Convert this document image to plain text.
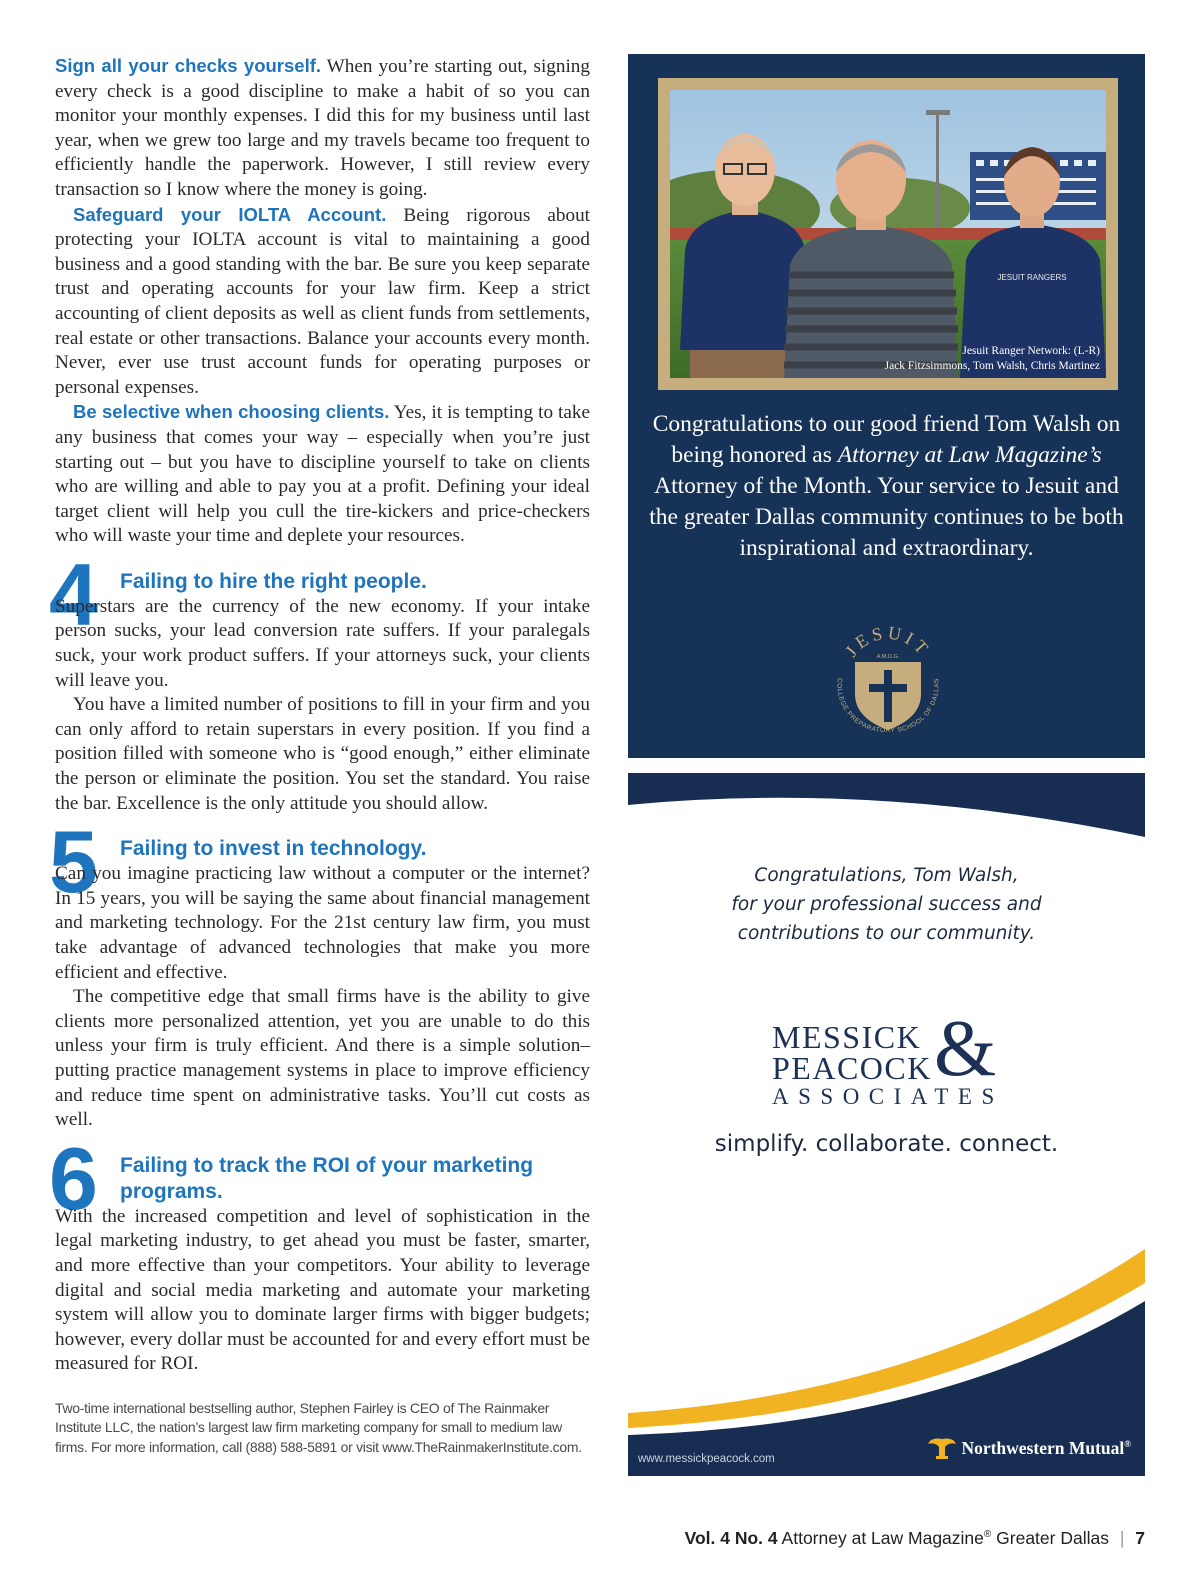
Sign all your checks yourself. When you’re starting out, signing every check is a good discipline to make a habit of so you can monitor your monthly expenses. I did this for my business until last year, when we grew too large and my travels became too frequent to efficiently handle the paperwork. However, I still review every transaction so I know where the money is going.

Safeguard your IOLTA Account. Being rigorous about protecting your IOLTA account is vital to maintaining a good business and a good standing with the bar. Be sure you keep separate trust and operating accounts for your law firm. Keep a strict accounting of client deposits as well as client funds from settlements, real estate or other transactions. Balance your accounts every month. Never, ever use trust account funds for operating purposes or personal expenses.

Be selective when choosing clients. Yes, it is tempting to take any business that comes your way – especially when you’re just starting out – but you have to discipline yourself to take on clients who are willing and able to pay you at a profit. Defining your ideal target client will help you cull the tire-kickers and price-checkers who will waste your time and deplete your resources.

4 Failing to hire the right people.

Superstars are the currency of the new economy. If your intake person sucks, your lead conversion rate suffers. If your paralegals suck, your work product suffers. If your attorneys suck, your clients will leave you.

You have a limited number of positions to fill in your firm and you can only afford to retain superstars in every position. If you find a position filled with someone who is “good enough,” either eliminate the person or eliminate the position. You set the standard. You raise the bar. Excellence is the only attitude you should allow.

5 Failing to invest in technology.

Can you imagine practicing law without a computer or the internet? In 15 years, you will be saying the same about financial management and marketing technology. For the 21st century law firm, you must take advantage of advanced technologies that make you more efficient and effective.

The competitive edge that small firms have is the ability to give clients more personalized attention, yet you are unable to do this unless your firm is truly efficient. And there is a simple solution–putting practice management systems in place to improve efficiency and reduce time spent on administrative tasks. You’ll cut costs as well.

6 Failing to track the ROI of your marketing programs.

With the increased competition and level of sophistication in the legal marketing industry, to get ahead you must be faster, smarter, and more effective than your competitors. Your ability to leverage digital and social media marketing and automate your marketing system will allow you to dominate larger firms with bigger budgets; however, every dollar must be accounted for and every effort must be measured for ROI.

Two-time international bestselling author, Stephen Fairley is CEO of The Rainmaker Institute LLC, the nation’s largest law firm marketing company for small to medium law firms. For more information, call (888) 588-5891 or visit www.TheRainmakerInstitute.com.
JESUIT RANGERS
Jesuit Ranger Network: (L-R)
Jack Fitzsimmons, Tom Walsh, Chris Martinez
Congratulations to our good friend Tom Walsh on being honored as Attorney at Law Magazine’s Attorney of the Month. Your service to Jesuit and the greater Dallas community continues to be both inspirational and extraordinary.
JESUIT
A.M.D.G.
COLLEGE PREPARATORY SCHOOL OF DALLAS
Congratulations, Tom Walsh,
for your professional success and
contributions to our community.
MESSICK
PEACOCK &
ASSOCIATES
simplify. collaborate. connect.
www.messickpeacock.com
Northwestern Mutual®
Vol. 4 No. 4 Attorney at Law Magazine® Greater Dallas | 7
